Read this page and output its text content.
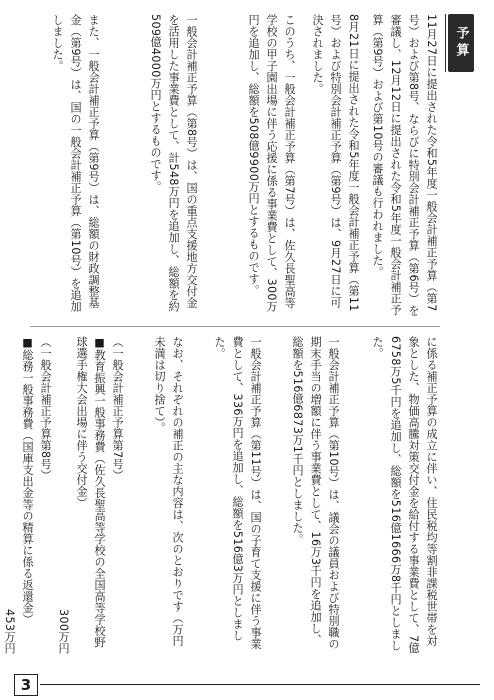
予算
11月27日に提出された令和5年度一般会計補正予算（第7号）および第8号、ならびに特別会計補正予算（第6号）を審議し、12月12日に提出された令和5年度一般会計補正予算（第9号）および第10号の審議も行われました。
8月21日に提出された令和5年度一般会計補正予算（第11号）および特別会計補正予算（第9号）は、9月27日に可決されました。
このうち、一般会計補正予算（第7号）は、佐久長聖高等学校の甲子園出場に伴う応援に係る事業費として、300万円を追加し、総額を508億9900万円とするものです。
一般会計補正予算（第8号）は、国の重点支援地方交付金を活用した事業費として、計548万円を追加し、総額を約509億4000万円とするものです。
また、一般会計補正予算（第9号）は、総額の財政調整基金（第9号）は、国の一般会計補正予算（第10号）を追加しました。
に係る補正予算の成立に伴い、住民税均等割非課税世帯を対象とした、物価高騰対策交付金を給付する事業費として、7億6758万5千円を追加し、総額を516億1666万8千円としました。
一般会計補正予算（第10号）は、議会の議員および特別職の期末手当の増額に伴う事業費として、16万3千円を追加し、総額を516億6873万1千円としました。
一般会計補正予算（第11号）は、国の子育て支援に伴う事業費として、336万円を追加し、総額を516億3万円としました。
なお、それぞれの補正の主な内容は、次のとおりです（万円未満は切り捨て）。
（一般会計補正予算第7号）
■教育振興一般事務費（佐久長聖高等学校の全国高等学校野球選手権大会出場に伴う交付金）
300万円
（一般会計補正予算第8号）
■総務一般事務費（国庫支出金等の精算に係る返還金）
453万円
3
